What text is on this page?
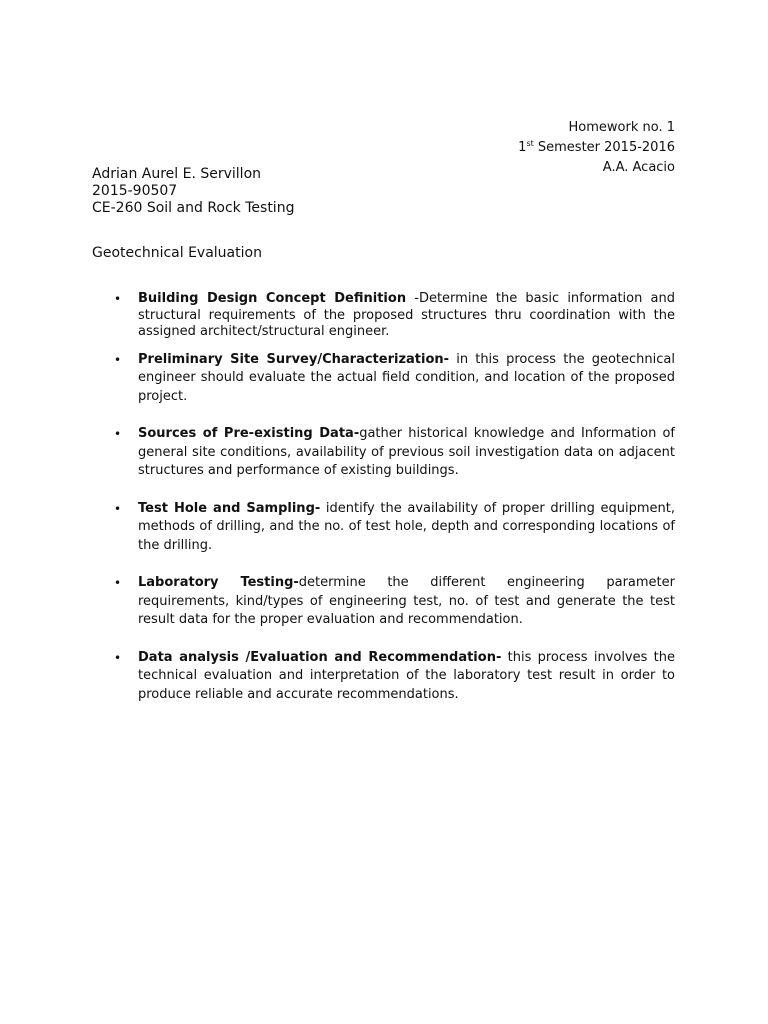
Homework no. 1
1st Semester 2015-2016
A.A. Acacio
Adrian Aurel E. Servillon
2015-90507
CE-260 Soil and Rock Testing
Geotechnical Evaluation
• Building Design Concept Definition -Determine the basic information and structural requirements of the proposed structures thru coordination with the assigned architect/structural engineer.
• Preliminary Site Survey/Characterization- in this process the geotechnical engineer should evaluate the actual field condition, and location of the proposed project.
• Sources of Pre-existing Data-gather historical knowledge and Information of general site conditions, availability of previous soil investigation data on adjacent structures and performance of existing buildings.
• Test Hole and Sampling- identify the availability of proper drilling equipment, methods of drilling, and the no. of test hole, depth and corresponding locations of the drilling.
• Laboratory Testing-determine the different engineering parameter requirements, kind/types of engineering test, no. of test and generate the test result data for the proper evaluation and recommendation.
• Data analysis /Evaluation and Recommendation- this process involves the technical evaluation and interpretation of the laboratory test result in order to produce reliable and accurate recommendations.
